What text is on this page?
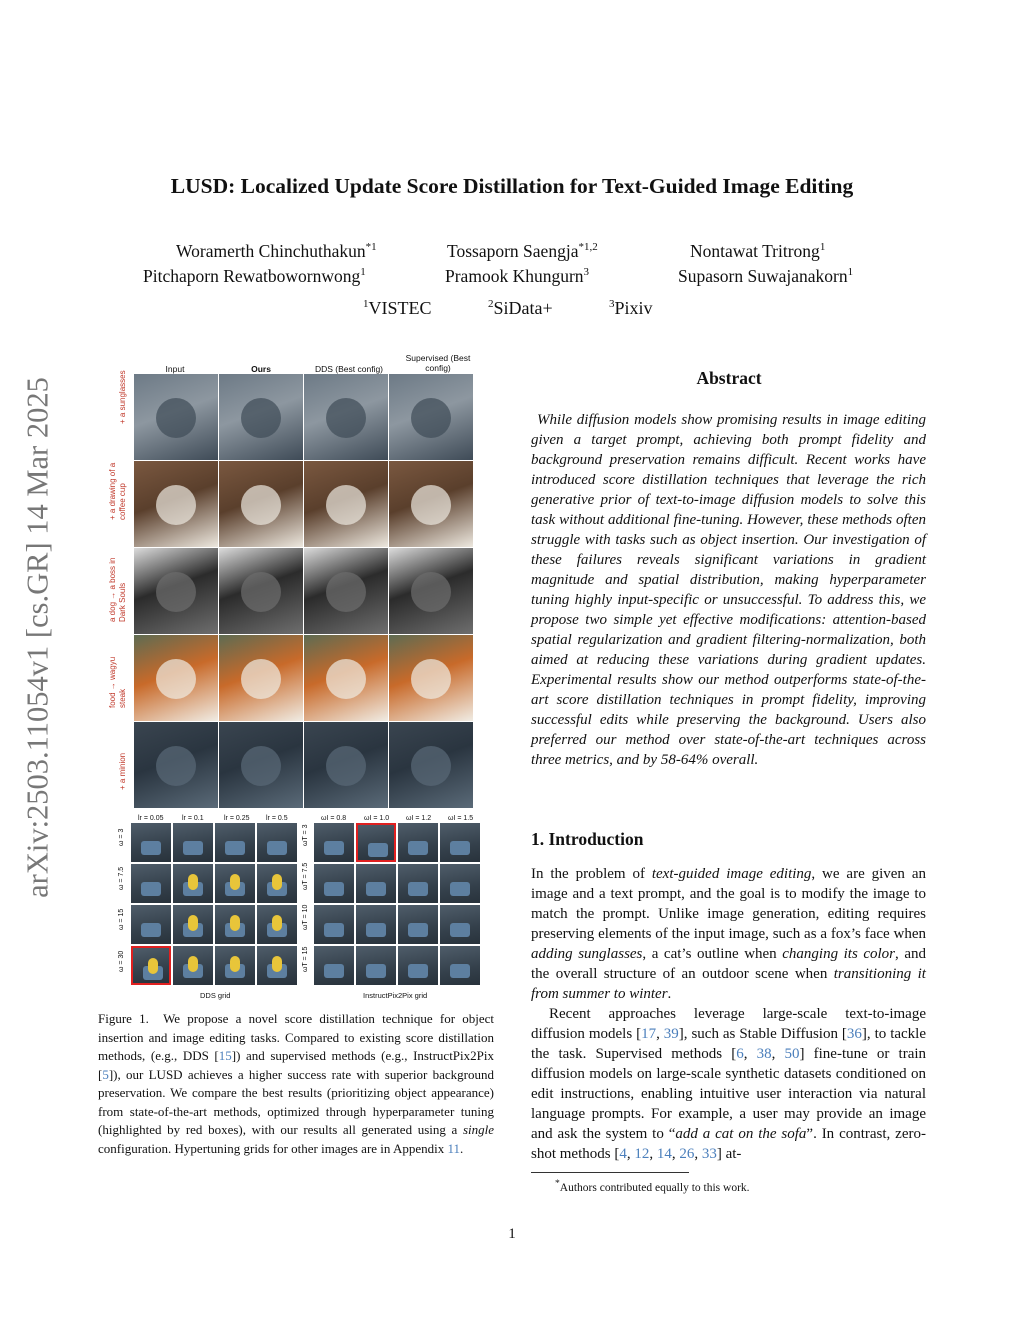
arXiv:2503.11054v1 [cs.GR] 14 Mar 2025
LUSD: Localized Update Score Distillation for Text-Guided Image Editing
Woramerth Chinchuthakun$^{*1}$	Tossaporn Saengja$^{*1,2}$	Nontawat Tritrong$^1$
Pitchaporn Rewatbowornwong$^1$	Pramook Khungurn$^3$	Supasorn Suwajanakorn$^1$
$^1$VISTEC	$^2$SiData+	$^3$Pixiv
Input	Ours	DDS (Best config)
Supervised (Best config)
+ a sunglasses
+ a drawing of a coffee cup
a dog → a boss in Dark Souls
food → wagyu steak
+ a minion
lr = 0.05	lr = 0.1	lr = 0.25 lr = 0.5	ωI = 0.8	ωI = 1.0 ωI = 1.2 ωI = 1.5
ω = 3
ω = 7.5
ω = 15
ω = 30
ωT = 3
ωT = 7.5
ωT = 10
ωT = 15
DDS grid	InstructPix2Pix grid
Figure 1. We propose a novel score distillation technique for object insertion and image editing tasks. Compared to existing score distillation methods, (e.g., DDS [15]) and supervised methods (e.g., InstructPix2Pix [5]), our LUSD achieves a higher success rate with superior background preservation. We compare the best results (prioritizing object appearance) from state-of-the-art methods, optimized through hyperparameter tuning (highlighted by red boxes), with our results all generated using a single configuration. Hypertuning grids for other images are in Appendix 11.
Abstract
While diffusion models show promising results in image editing given a target prompt, achieving both prompt fidelity and background preservation remains difficult. Recent works have introduced score distillation techniques that leverage the rich generative prior of text-to-image diffusion models to solve this task without additional fine-tuning. However, these methods often struggle with tasks such as object insertion. Our investigation of these failures reveals significant variations in gradient magnitude and spatial distribution, making hyperparameter tuning highly input-specific or unsuccessful. To address this, we propose two simple yet effective modifications: attention-based spatial regularization and gradient filtering-normalization, both aimed at reducing these variations during gradient updates. Experimental results show our method outperforms state-of-the-art score distillation techniques in prompt fidelity, improving successful edits while preserving the background. Users also preferred our method over state-of-the-art techniques across three metrics, and by 58-64% overall.
1. Introduction

In the problem of text-guided image editing, we are given an image and a text prompt, and the goal is to modify the image to match the prompt. Unlike image generation, editing requires preserving elements of the input image, such as a fox’s face when adding sunglasses, a cat’s outline when changing its color, and the overall structure of an outdoor scene when transitioning it from summer to winter.

Recent approaches leverage large-scale text-to-image diffusion models [17, 39], such as Stable Diffusion [36], to tackle the task. Supervised methods [6, 38, 50] fine-tune or train diffusion models on large-scale synthetic datasets conditioned on edit instructions, enabling intuitive user interaction via natural language prompts. For example, a user may provide an image and ask the system to “add a cat on the sofa”. In contrast, zero-shot methods [4, 12, 14, 26, 33] at-

*Authors contributed equally to this work.
1
